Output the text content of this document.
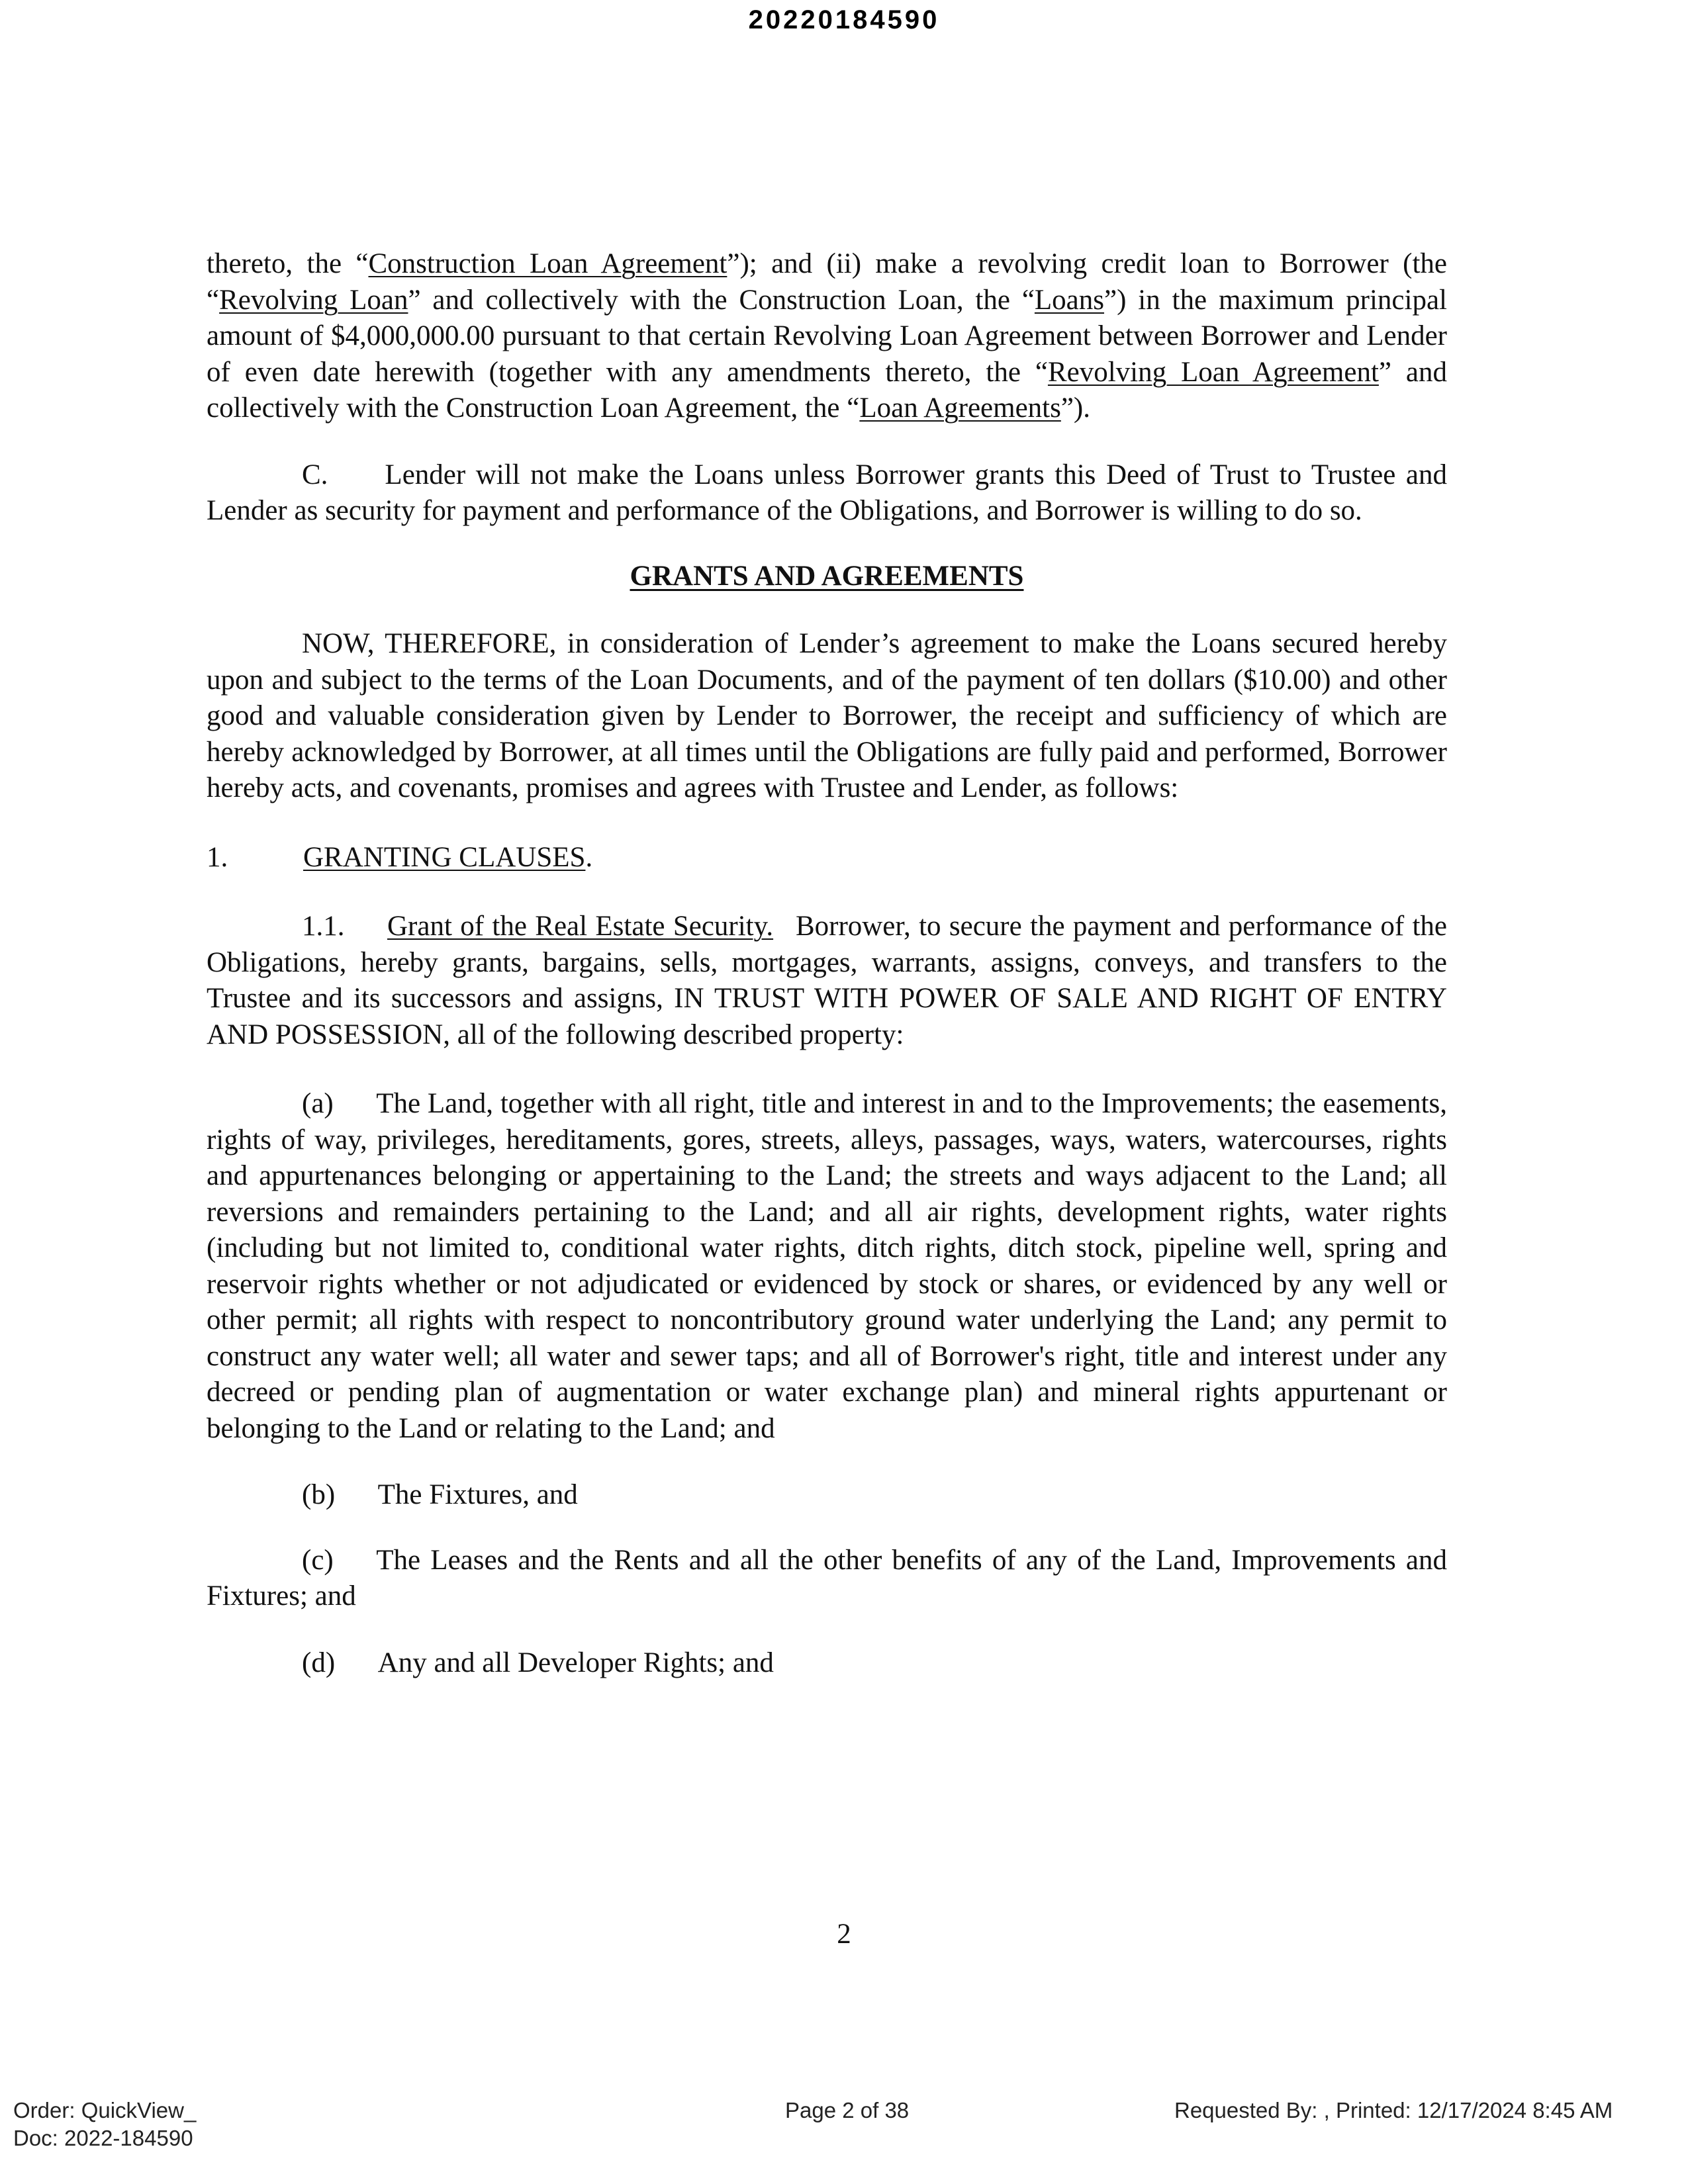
20220184590

thereto, the “Construction Loan Agreement”); and (ii) make a revolving credit loan to Borrower (the “Revolving Loan” and collectively with the Construction Loan, the “Loans”) in the maximum principal amount of $4,000,000.00 pursuant to that certain Revolving Loan Agreement between Borrower and Lender of even date herewith (together with any amendments thereto, the “Revolving Loan Agreement” and collectively with the Construction Loan Agreement, the “Loan Agreements”).

C.  Lender will not make the Loans unless Borrower grants this Deed of Trust to Trustee and Lender as security for payment and performance of the Obligations, and Borrower is willing to do so.

GRANTS AND AGREEMENTS

NOW, THEREFORE, in consideration of Lender’s agreement to make the Loans secured hereby upon and subject to the terms of the Loan Documents, and of the payment of ten dollars ($10.00) and other good and valuable consideration given by Lender to Borrower, the receipt and sufficiency of which are hereby acknowledged by Borrower, at all times until the Obligations are fully paid and performed, Borrower hereby acts, and covenants, promises and agrees with Trustee and Lender, as follows:

1.	GRANTING CLAUSES.

1.1.   Grant of the Real Estate Security.  Borrower, to secure the payment and performance of the Obligations, hereby grants, bargains, sells, mortgages, warrants, assigns, conveys, and transfers to the Trustee and its successors and assigns, IN TRUST WITH POWER OF SALE AND RIGHT OF ENTRY AND POSSESSION, all of the following described property:

(a)   The Land, together with all right, title and interest in and to the Improvements; the easements, rights of way, privileges, hereditaments, gores, streets, alleys, passages, ways, waters, watercourses, rights and appurtenances belonging or appertaining to the Land; the streets and ways adjacent to the Land; all reversions and remainders pertaining to the Land; and all air rights, development rights, water rights (including but not limited to, conditional water rights, ditch rights, ditch stock, pipeline well, spring and reservoir rights whether or not adjudicated or evidenced by stock or shares, or evidenced by any well or other permit; all rights with respect to noncontributory ground water underlying the Land; any permit to construct any water well; all water and sewer taps; and all of Borrower's right, title and interest under any decreed or pending plan of augmentation or water exchange plan) and mineral rights appurtenant or belonging to the Land or relating to the Land; and

(b)   The Fixtures, and

(c)   The Leases and the Rents and all the other benefits of any of the Land, Improvements and Fixtures; and

(d)   Any and all Developer Rights; and

2
Order: QuickView_
Doc: 2022-184590
Page 2 of 38	Requested By: , Printed: 12/17/2024 8:45 AM
